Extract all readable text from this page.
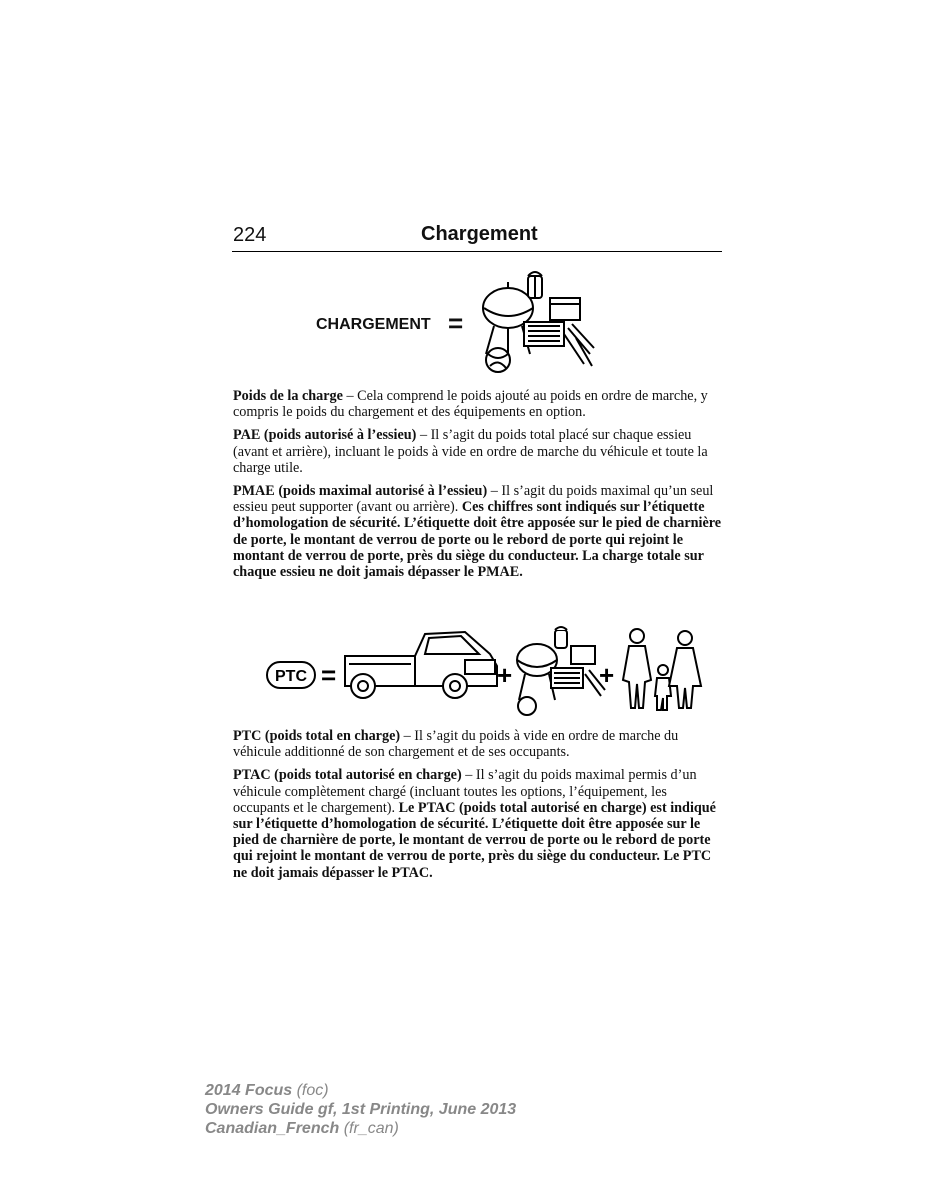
224	Chargement
CHARGEMENT =

Poids de la charge – Cela comprend le poids ajouté au poids en ordre de marche, y compris le poids du chargement et des équipements en option.

PAE (poids autorisé à l’essieu) – Il s’agit du poids total placé sur chaque essieu (avant et arrière), incluant le poids à vide en ordre de marche du véhicule et toute la charge utile.

PMAE (poids maximal autorisé à l’essieu) – Il s’agit du poids maximal qu’un seul essieu peut supporter (avant ou arrière). Ces chiffres sont indiqués sur l’étiquette d’homologation de sécurité. L’étiquette doit être apposée sur le pied de charnière de porte, le montant de verrou de porte ou le rebord de porte qui rejoint le montant de verrou de porte, près du siège du conducteur. La charge totale sur chaque essieu ne doit jamais dépasser le PMAE.

PTC =	+	+

PTC (poids total en charge) – Il s’agit du poids à vide en ordre de marche du véhicule additionné de son chargement et de ses occupants.

PTAC (poids total autorisé en charge) – Il s’agit du poids maximal permis d’un véhicule complètement chargé (incluant toutes les options, l’équipement, les occupants et le chargement). Le PTAC (poids total autorisé en charge) est indiqué sur l’étiquette d’homologation de sécurité. L’étiquette doit être apposée sur le pied de charnière de porte, le montant de verrou de porte ou le rebord de porte qui rejoint le montant de verrou de porte, près du siège du conducteur. Le PTC ne doit jamais dépasser le PTAC.

2014 Focus (foc)
Owners Guide gf, 1st Printing, June 2013
Canadian_French (fr_can)
